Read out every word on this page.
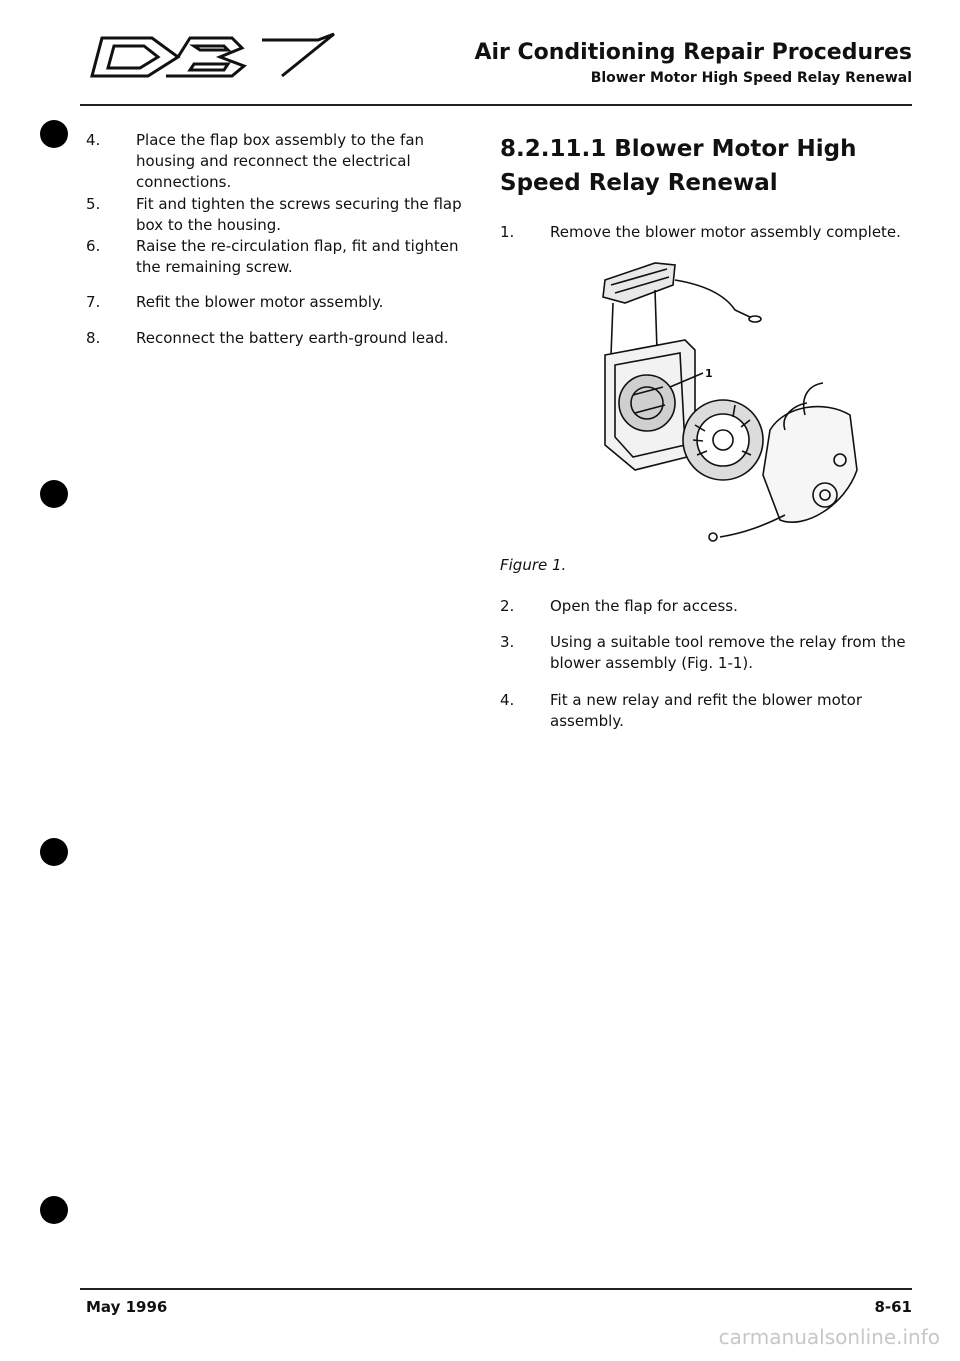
Air Conditioning Repair Procedures
Blower Motor High Speed Relay Renewal
4.	Place the flap box assembly to the fan housing and reconnect the electrical connections.
5.	Fit and tighten the screws securing the flap box to the housing.
6.	Raise the re-circulation flap, fit and tighten the remaining screw.
7.	Refit the blower motor assembly.
8.	Reconnect the battery earth-ground lead.
8.2.11.1 Blower Motor High Speed Relay Renewal
1.	Remove the blower motor assembly complete.
2.	Open the flap for access.
3.	Using a suitable tool remove the relay from the blower assembly (Fig. 1-1).
4.	Fit a new relay and refit the blower motor assembly.
1
Figure 1.
May 1996	8-61
carmanualsonline.info
